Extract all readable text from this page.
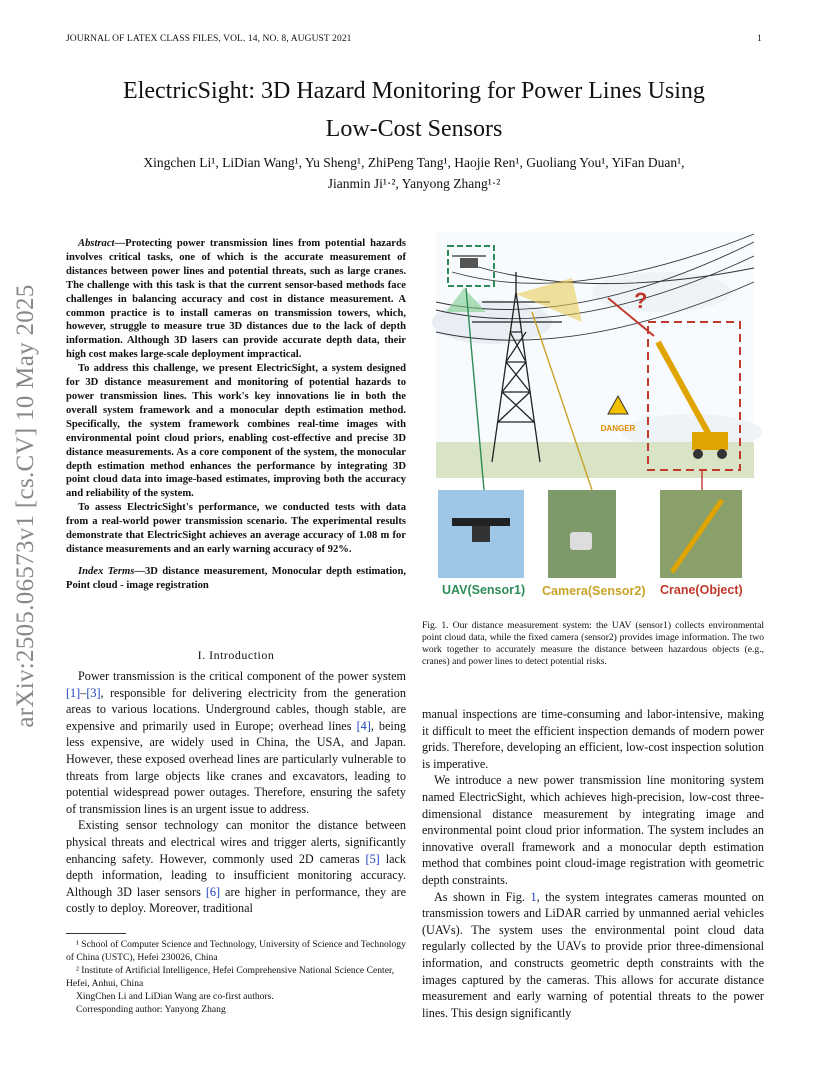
JOURNAL OF LATEX CLASS FILES, VOL. 14, NO. 8, AUGUST 2021	1
arXiv:2505.06573v1 [cs.CV] 10 May 2025
ElectricSight: 3D Hazard Monitoring for Power Lines Using
Low-Cost Sensors
Xingchen Li¹, LiDian Wang¹, Yu Sheng¹, ZhiPeng Tang¹, Haojie Ren¹, Guoliang You¹, YiFan Duan¹,
Jianmin Ji¹·², Yanyong Zhang¹·²

Abstract—Protecting power transmission lines from potential hazards involves critical tasks, one of which is the accurate measurement of distances between power lines and potential threats, such as large cranes. The challenge with this task is that the current sensor-based methods face challenges in balancing accuracy and cost in distance measurement. A common practice is to install cameras on transmission towers, which, however, struggle to measure true 3D distances due to the lack of depth information. Although 3D lasers can provide accurate depth data, their high cost makes large-scale deployment impractical.

To address this challenge, we present ElectricSight, a system designed for 3D distance measurement and monitoring of potential hazards to power transmission lines. This work's key innovations lie in both the overall system framework and a monocular depth estimation method. Specifically, the system framework combines real-time images with environmental point cloud priors, enabling cost-effective and precise 3D distance measurements. As a core component of the system, the monocular depth estimation method enhances the performance by integrating 3D point cloud data into image-based estimates, improving both the accuracy and reliability of the system.

To assess ElectricSight's performance, we conducted tests with data from a real-world power transmission scenario. The experimental results demonstrate that ElectricSight achieves an average accuracy of 1.08 m for distance measurements and an early warning accuracy of 92%.

Index Terms—3D distance measurement, Monocular depth estimation, Point cloud - image registration

I. Introduction

Power transmission is the critical component of the power system [1]–[3], responsible for delivering electricity from the generation areas to various locations. Underground cables, though stable, are expensive and primarily used in Europe; overhead lines [4], being less expensive, are widely used in China, the USA, and Japan. However, these exposed overhead lines are particularly vulnerable to threats from large objects like cranes and excavators, leading to potential widespread power outages. Therefore, ensuring the safety of transmission lines is an urgent issue to address.

Existing sensor technology can monitor the distance between physical threats and electrical wires and trigger alerts, significantly enhancing safety. However, commonly used 2D cameras [5] lack depth information, leading to insufficient monitoring accuracy. Although 3D laser sensors [6] are higher in performance, they are costly to deploy. Moreover, traditional

¹ School of Computer Science and Technology, University of Science and Technology of China (USTC), Hefei 230026, China
² Institute of Artificial Intelligence, Hefei Comprehensive National Science Center, Hefei, Anhui, China
XingChen Li and LiDian Wang are co-first authors.
Corresponding author: Yanyong Zhang
?
DANGER
UAV(Sensor1) Camera(Sensor2) Crane(Object)
Fig. 1. Our distance measurement system: the UAV (sensor1) collects environmental point cloud data, while the fixed camera (sensor2) provides image information. The two work together to accurately measure the distance between hazardous objects (e.g., cranes) and power lines to detect potential risks.

manual inspections are time-consuming and labor-intensive, making it difficult to meet the efficient inspection demands of modern power grids. Therefore, developing an efficient, low-cost inspection solution is imperative.

We introduce a new power transmission line monitoring system named ElectricSight, which achieves high-precision, low-cost three-dimensional distance measurement by integrating image and environmental point cloud prior information. The system includes an innovative overall framework and a monocular depth estimation method that combines point cloud-image registration with geometric depth constraints.

As shown in Fig. 1, the system integrates cameras mounted on transmission towers and LiDAR carried by unmanned aerial vehicles (UAVs). The system uses the environmental point cloud data regularly collected by the UAVs to provide prior three-dimensional information, and constructs geometric depth constraints with the images captured by the cameras. This allows for accurate distance measurement and early warning of potential threats to the power lines. This design significantly
